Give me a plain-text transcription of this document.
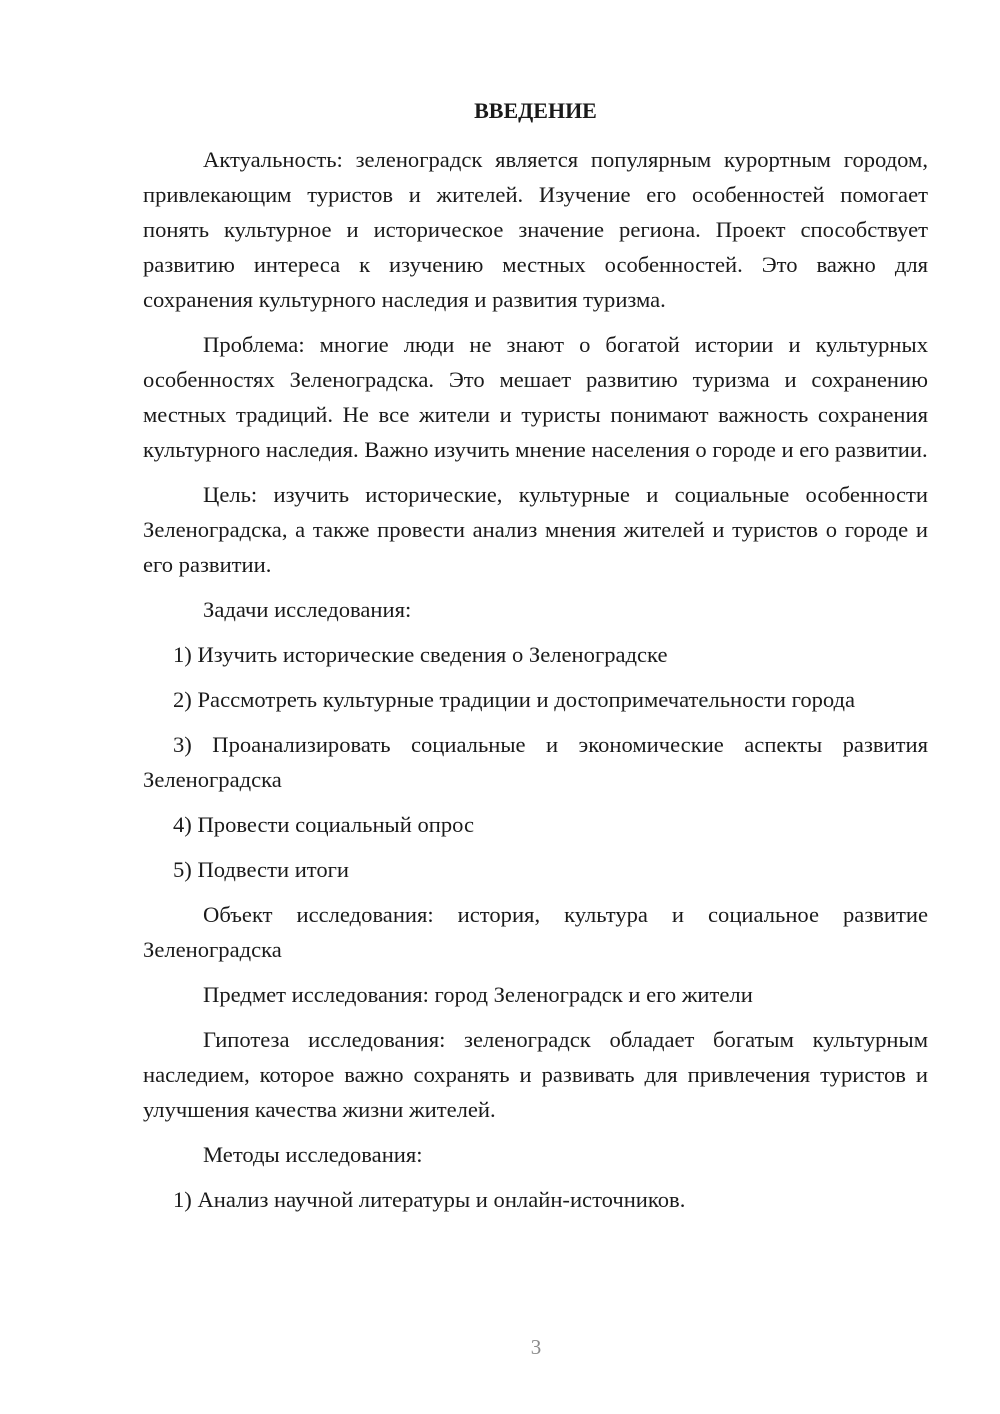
ВВЕДЕНИЕ

Актуальность: зеленоградск является популярным курортным городом, привлекающим туристов и жителей. Изучение его особенностей помогает понять культурное и историческое значение региона. Проект способствует развитию интереса к изучению местных особенностей. Это важно для сохранения культурного наследия и развития туризма.

Проблема: многие люди не знают о богатой истории и культурных особенностях Зеленоградска. Это мешает развитию туризма и сохранению местных традиций. Не все жители и туристы понимают важность сохранения культурного наследия. Важно изучить мнение населения о городе и его развитии.

Цель: изучить исторические, культурные и социальные особенности Зеленоградска, а также провести анализ мнения жителей и туристов о городе и его развитии.

Задачи исследования:

1) Изучить исторические сведения о Зеленоградске

2) Рассмотреть культурные традиции и достопримечательности города

3) Проанализировать социальные и экономические аспекты развития Зеленоградска

4) Провести социальный опрос

5) Подвести итоги

Объект исследования: история, культура и социальное развитие Зеленоградска

Предмет исследования: город Зеленоградск и его жители

Гипотеза исследования: зеленоградск обладает богатым культурным наследием, которое важно сохранять и развивать для привлечения туристов и улучшения качества жизни жителей.

Методы исследования:

1) Анализ научной литературы и онлайн-источников.

3
